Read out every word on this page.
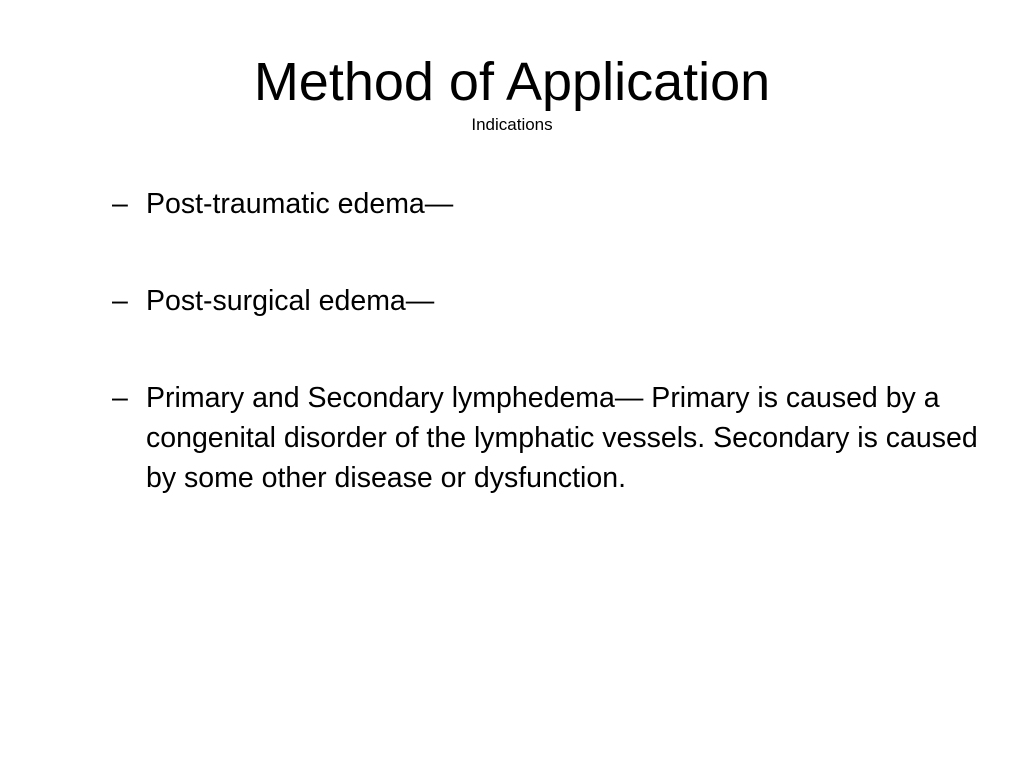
Method of Application

Indications

– Post-traumatic edema—
– Post-surgical edema—
– Primary and Secondary lymphedema— Primary is caused by a congenital disorder of the lymphatic vessels. Secondary is caused by some other disease or dysfunction.
